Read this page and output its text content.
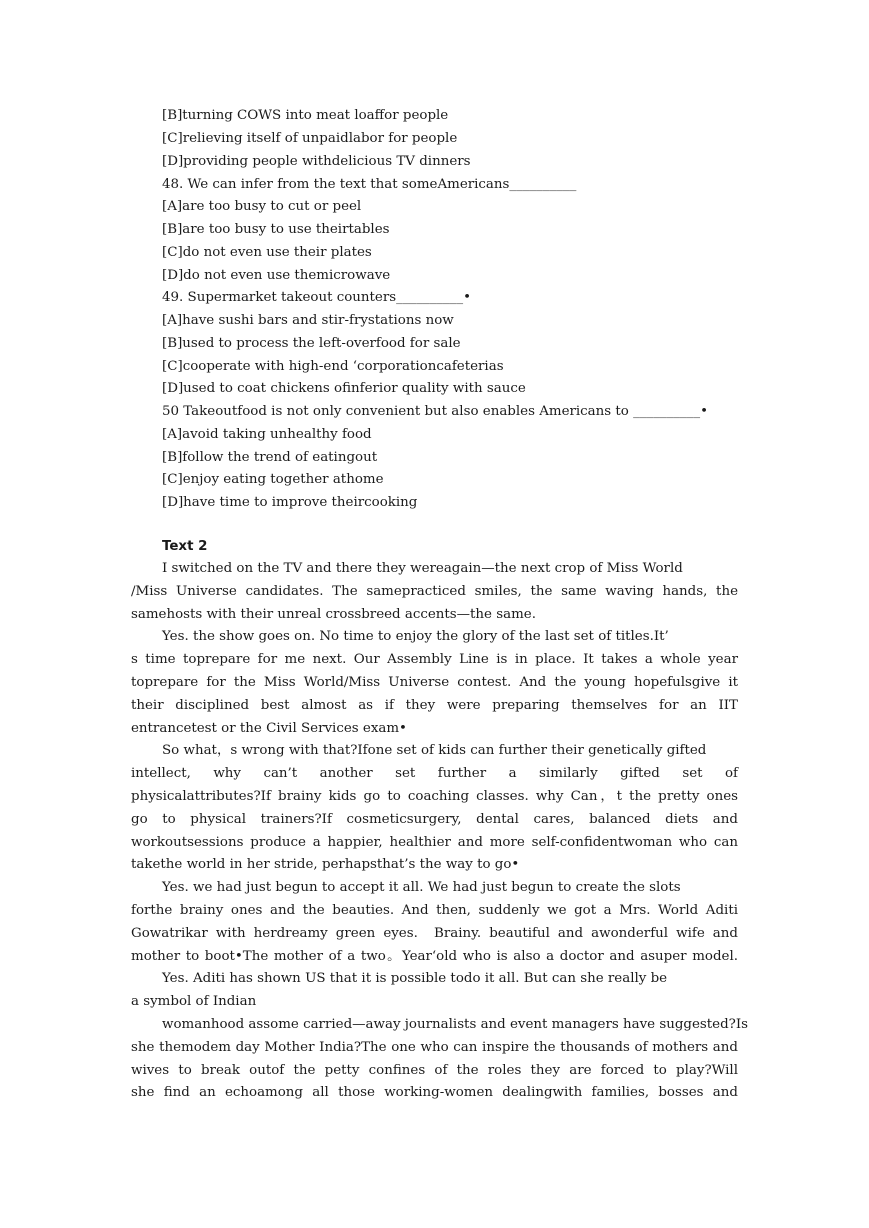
[B]turning COWS into meat loaffor people
[C]relieving itself of unpaidlabor for people
[D]providing people withdelicious TV dinners
48. We can infer from the text that someAmericans__________
[A]are too busy to cut or peel
[B]are too busy to use theirtables
[C]do not even use their plates
[D]do not even use themicrowave
49. Supermarket takeout counters__________•
[A]have sushi bars and stir-frystations now
[B]used to process the left-overfood for sale
[C]cooperate with high-end ‘corporationcafeterias
[D]used to coat chickens ofinferior quality with sauce
50 Takeoutfood is not only convenient but also enables Americans to __________•
[A]avoid taking unhealthy food
[B]follow the trend of eatingout
[C]enjoy eating together athome
[D]have time to improve theircooking
Text 2
I switched on the TV and there they wereagain—the next crop of Miss World
/Miss Universe candidates. The samepracticed smiles, the same waving hands, the
samehosts with their unreal crossbreed accents—the same.
Yes. the show goes on. No time to enjoy the glory of the last set of titles.It’
s time toprepare for me next. Our Assembly Line is in place. It takes a whole year
toprepare for the Miss World/Miss Universe contest. And the young hopefulsgive it
their disciplined best almost as if they were preparing themselves for an IIT
entrancetest or the Civil Services exam•
So what，s wrong with that?Ifone set of kids can further their genetically gifted
intellect, why can’t another set further a similarly gifted set of
physicalattributes?If brainy kids go to coaching classes. why Can，t the pretty ones
go to physical trainers?If cosmeticsurgery, dental cares, balanced diets and
workoutsessions produce a happier, healthier and more self-confidentwoman who can
takethe world in her stride, perhapsthat’s the way to go•
Yes. we had just begun to accept it all. We had just begun to create the slots
forthe brainy ones and the beauties. And then, suddenly we got a Mrs. World Aditi
Gowatrikar with herdreamy green eyes.  Brainy. beautiful and awonderful wife and
mother to boot•The mother of a two。Year‘old who is also a doctor and asuper model.
Yes. Aditi has shown US that it is possible todo it all. But can she really be
a symbol of Indian
womanhood assome carried—away journalists and event managers have suggested?Is
she themodem day Mother India?The one who can inspire the thousands of mothers and
wives to break outof the petty confines of the roles they are forced to play?Will
she find an echoamong all those working-women dealingwith families, bosses and
